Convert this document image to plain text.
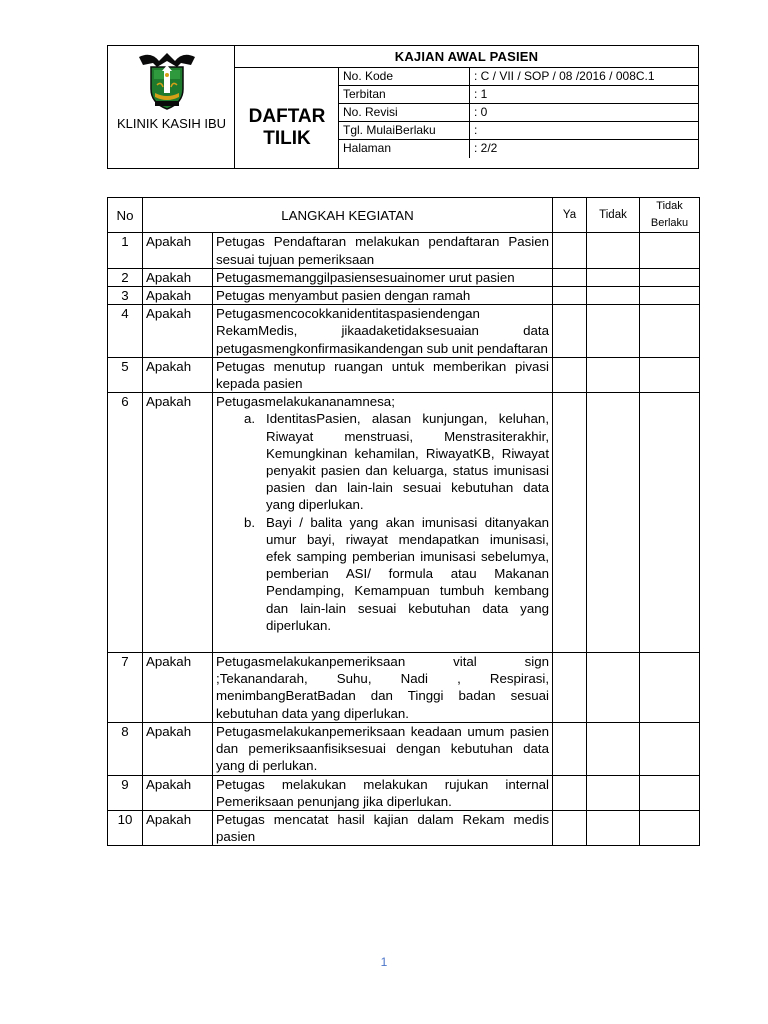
KLINIK KASIH IBU
KAJIAN AWAL PASIEN
DAFTAR TILIK
No. Kode	: C / VII / SOP / 08 /2016 / 008C.1
Terbitan	: 1
No. Revisi	: 0
Tgl. MulaiBerlaku	:
Halaman	: 2/2
No	LANGKAH KEGIATAN		Ya	Tidak	Tidak Berlaku
1	Apakah	Petugas Pendaftaran melakukan pendaftaran Pasien sesuai tujuan pemeriksaan			
2	Apakah	Petugasmemanggilpasiensesuainomer urut pasien			
3	Apakah	Petugas menyambut pasien dengan ramah			
4	Apakah	Petugasmencocokkanidentitaspasiendengan RekamMedis, jikaadaketidaksesuaian data petugasmengkonfirmasikandengan sub unit pendaftaran			
5	Apakah	Petugas menutup ruangan untuk memberikan pivasi kepada pasien			
6	Apakah	Petugasmelakukananamnesa;
a. IdentitasPasien, alasan kunjungan, keluhan, Riwayat menstruasi, Menstrasiterakhir, Kemungkinan kehamilan, RiwayatKB, Riwayat penyakit pasien dan keluarga, status imunisasi pasien dan lain-lain sesuai kebutuhan data yang diperlukan.
b. Bayi / balita yang akan imunisasi ditanyakan umur bayi, riwayat mendapatkan imunisasi, efek samping pemberian imunisasi sebelumya, pemberian ASI/ formula atau Makanan Pendamping, Kemampuan tumbuh kembang dan lain-lain sesuai kebutuhan data yang diperlukan.			

7	Apakah	Petugasmelakukanpemeriksaan vital sign ;Tekanandarah, Suhu, Nadi , Respirasi, menimbangBeratBadan dan Tinggi badan sesuai kebutuhan data yang diperlukan.			
8	Apakah	Petugasmelakukanpemeriksaan keadaan umum pasien dan pemeriksaanfisiksesuai dengan kebutuhan data yang di perlukan.			
9	Apakah	Petugas melakukan melakukan rujukan internal Pemeriksaan penunjang jika diperlukan.			
10	Apakah	Petugas mencatat hasil kajian dalam Rekam medis pasien			
1
